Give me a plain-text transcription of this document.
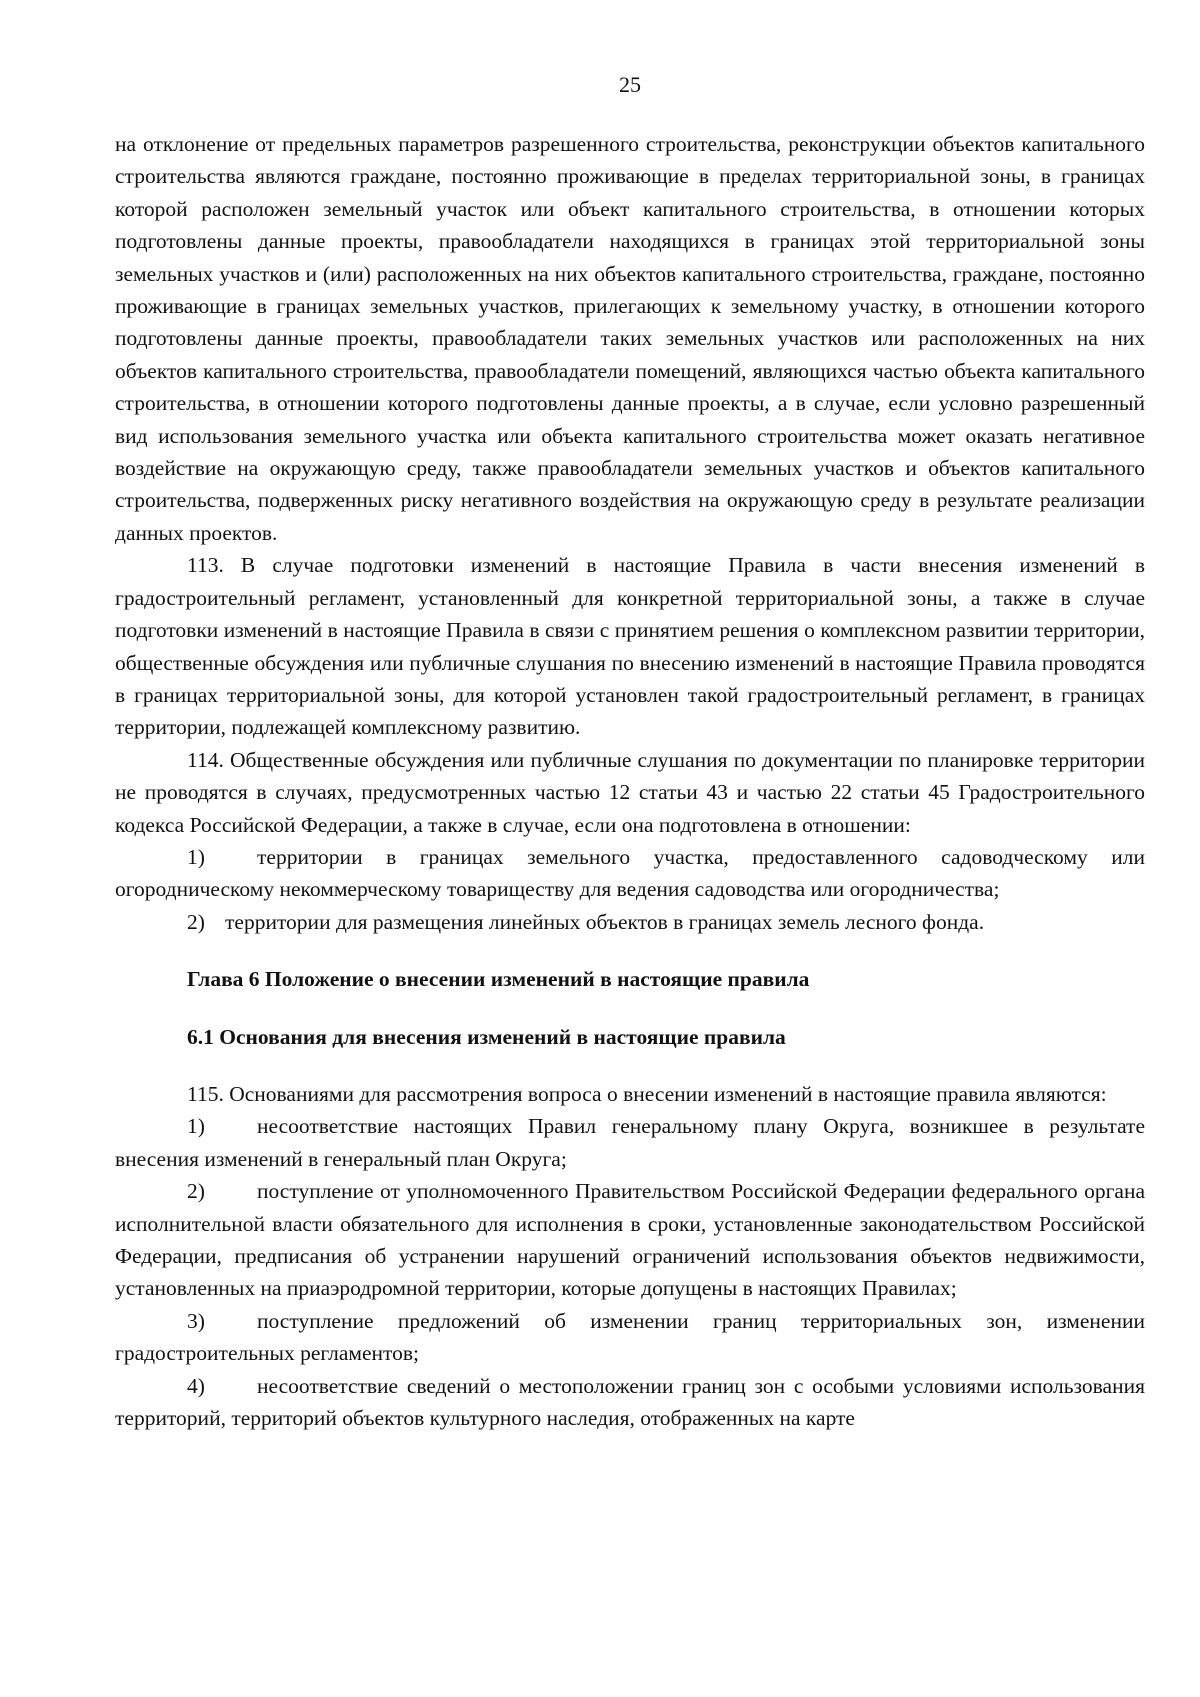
25

на отклонение от предельных параметров разрешенного строительства, реконструкции объектов капитального строительства являются граждане, постоянно проживающие в пределах территориальной зоны, в границах которой расположен земельный участок или объект капитального строительства, в отношении которых подготовлены данные проекты, правообладатели находящихся в границах этой территориальной зоны земельных участков и (или) расположенных на них объектов капитального строительства, граждане, постоянно проживающие в границах земельных участков, прилегающих к земельному участку, в отношении которого подготовлены данные проекты, правообладатели таких земельных участков или расположенных на них объектов капитального строительства, правообладатели помещений, являющихся частью объекта капитального строительства, в отношении которого подготовлены данные проекты, а в случае, если условно разрешенный вид использования земельного участка или объекта капитального строительства может оказать негативное воздействие на окружающую среду, также правообладатели земельных участков и объектов капитального строительства, подверженных риску негативного воздействия на окружающую среду в результате реализации данных проектов.

113. В случае подготовки изменений в настоящие Правила в части внесения изменений в градостроительный регламент, установленный для конкретной территориальной зоны, а также в случае подготовки изменений в настоящие Правила в связи с принятием решения о комплексном развитии территории, общественные обсуждения или публичные слушания по внесению изменений в настоящие Правила проводятся в границах территориальной зоны, для которой установлен такой градостроительный регламент, в границах территории, подлежащей комплексному развитию.

114. Общественные обсуждения или публичные слушания по документации по планировке территории не проводятся в случаях, предусмотренных частью 12 статьи 43 и частью 22 статьи 45 Градостроительного кодекса Российской Федерации, а также в случае, если она подготовлена в отношении:

1) территории в границах земельного участка, предоставленного садоводческому или огородническому некоммерческому товариществу для ведения садоводства или огородничества;

2) территории для размещения линейных объектов в границах земель лесного фонда.

Глава 6 Положение о внесении изменений в настоящие правила
6.1 Основания для внесения изменений в настоящие правила

115. Основаниями для рассмотрения вопроса о внесении изменений в настоящие правила являются:

1) несоответствие настоящих Правил генеральному плану Округа, возникшее в результате внесения изменений в генеральный план Округа;

2) поступление от уполномоченного Правительством Российской Федерации федерального органа исполнительной власти обязательного для исполнения в сроки, установленные законодательством Российской Федерации, предписания об устранении нарушений ограничений использования объектов недвижимости, установленных на приаэродромной территории, которые допущены в настоящих Правилах;

3) поступление предложений об изменении границ территориальных зон, изменении градостроительных регламентов;

4) несоответствие сведений о местоположении границ зон с особыми условиями использования территорий, территорий объектов культурного наследия, отображенных на карте
